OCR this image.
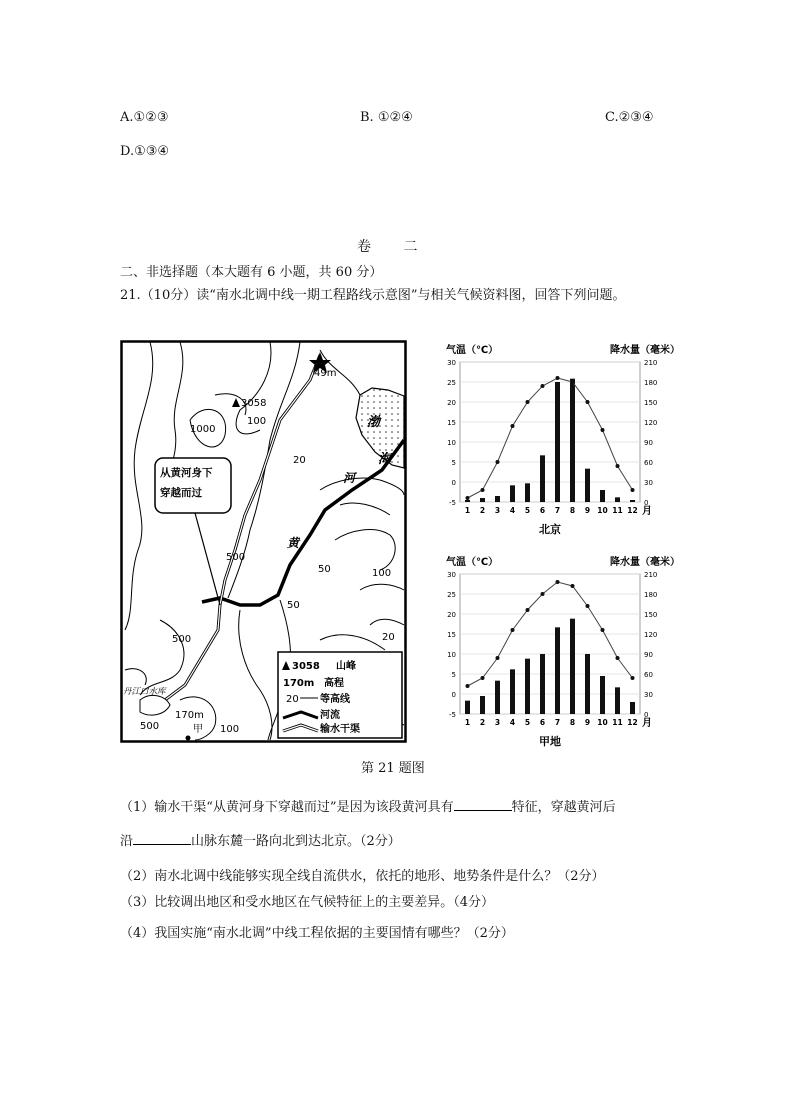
A.①②③	B. ①②④	C.②③④
D.①③④
卷 二
二、非选择题（本大题有 6 小题，共 60 分）
21.（10分）读“南水北调中线一期工程路线示意图”与相关气候资料图，回答下列问题。
49m
3058
1000
100
20
渤
海
河
黄
500
50	100
50
500	20
500	100
从黄河身下
穿越而过
丹江口水库
170m
甲
3058 山峰
170m 高程
20 等高线
河流
输水干渠
气温（℃）	降水量（毫米）
-5
0
5
10
15
20
25
30
0
30
60
90
120
150
180
210
1 2 3 4 5 6 7 8 9 10 11 12 月
北京
气温（℃）	降水量（毫米）
-5
0
5
10
15
20
25
30
0
30
60
90
120
150
180
210
1 2 3 4 5 6 7 8 9 10 11 12 月
甲地
第 21 题图
（1）输水干渠“从黄河身下穿越而过”是因为该段黄河具有	特征，穿越黄河后
沿	山脉东麓一路向北到达北京。（2分）
（2）南水北调中线能够实现全线自流供水，依托的地形、地势条件是什么？（2分）
（3）比较调出地区和受水地区在气候特征上的主要差异。（4分）
（4）我国实施“南水北调”中线工程依据的主要国情有哪些？（2分）
